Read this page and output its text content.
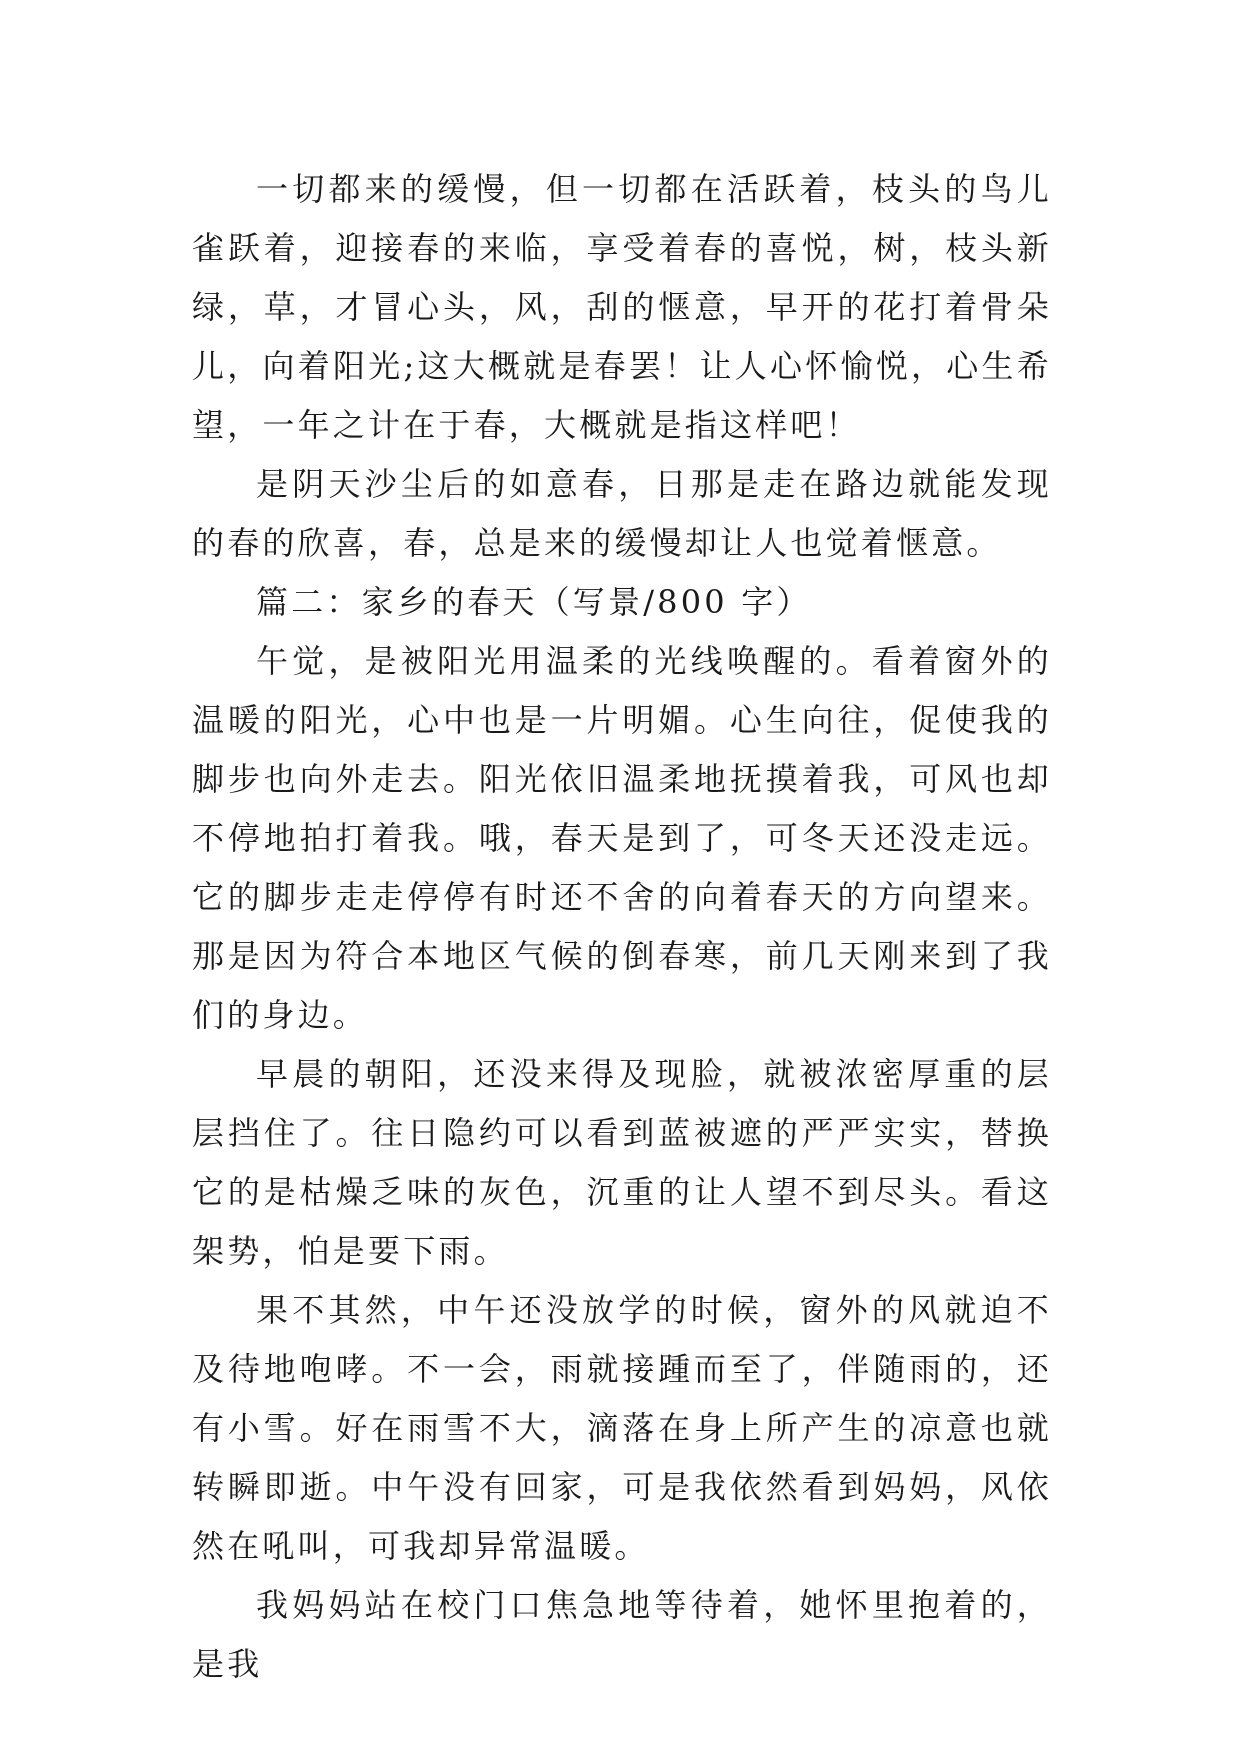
一切都来的缓慢，但一切都在活跃着，枝头的鸟儿雀跃着，迎接春的来临，享受着春的喜悦，树，枝头新绿，草，才冒心头，风，刮的惬意，早开的花打着骨朵儿，向着阳光;这大概就是春罢！让人心怀愉悦，心生希望，一年之计在于春，大概就是指这样吧！

是阴天沙尘后的如意春，日那是走在路边就能发现的春的欣喜，春，总是来的缓慢却让人也觉着惬意。

篇二：家乡的春天（写景/800 字）

午觉，是被阳光用温柔的光线唤醒的。看着窗外的温暖的阳光，心中也是一片明媚。心生向往，促使我的脚步也向外走去。阳光依旧温柔地抚摸着我，可风也却不停地拍打着我。哦，春天是到了，可冬天还没走远。它的脚步走走停停有时还不舍的向着春天的方向望来。那是因为符合本地区气候的倒春寒，前几天刚来到了我们的身边。

早晨的朝阳，还没来得及现脸，就被浓密厚重的层层挡住了。往日隐约可以看到蓝被遮的严严实实，替换它的是枯燥乏味的灰色，沉重的让人望不到尽头。看这架势，怕是要下雨。

果不其然，中午还没放学的时候，窗外的风就迫不及待地咆哮。不一会，雨就接踵而至了，伴随雨的，还有小雪。好在雨雪不大，滴落在身上所产生的凉意也就转瞬即逝。中午没有回家，可是我依然看到妈妈，风依然在吼叫，可我却异常温暖。

我妈妈站在校门口焦急地等待着，她怀里抱着的，是我
